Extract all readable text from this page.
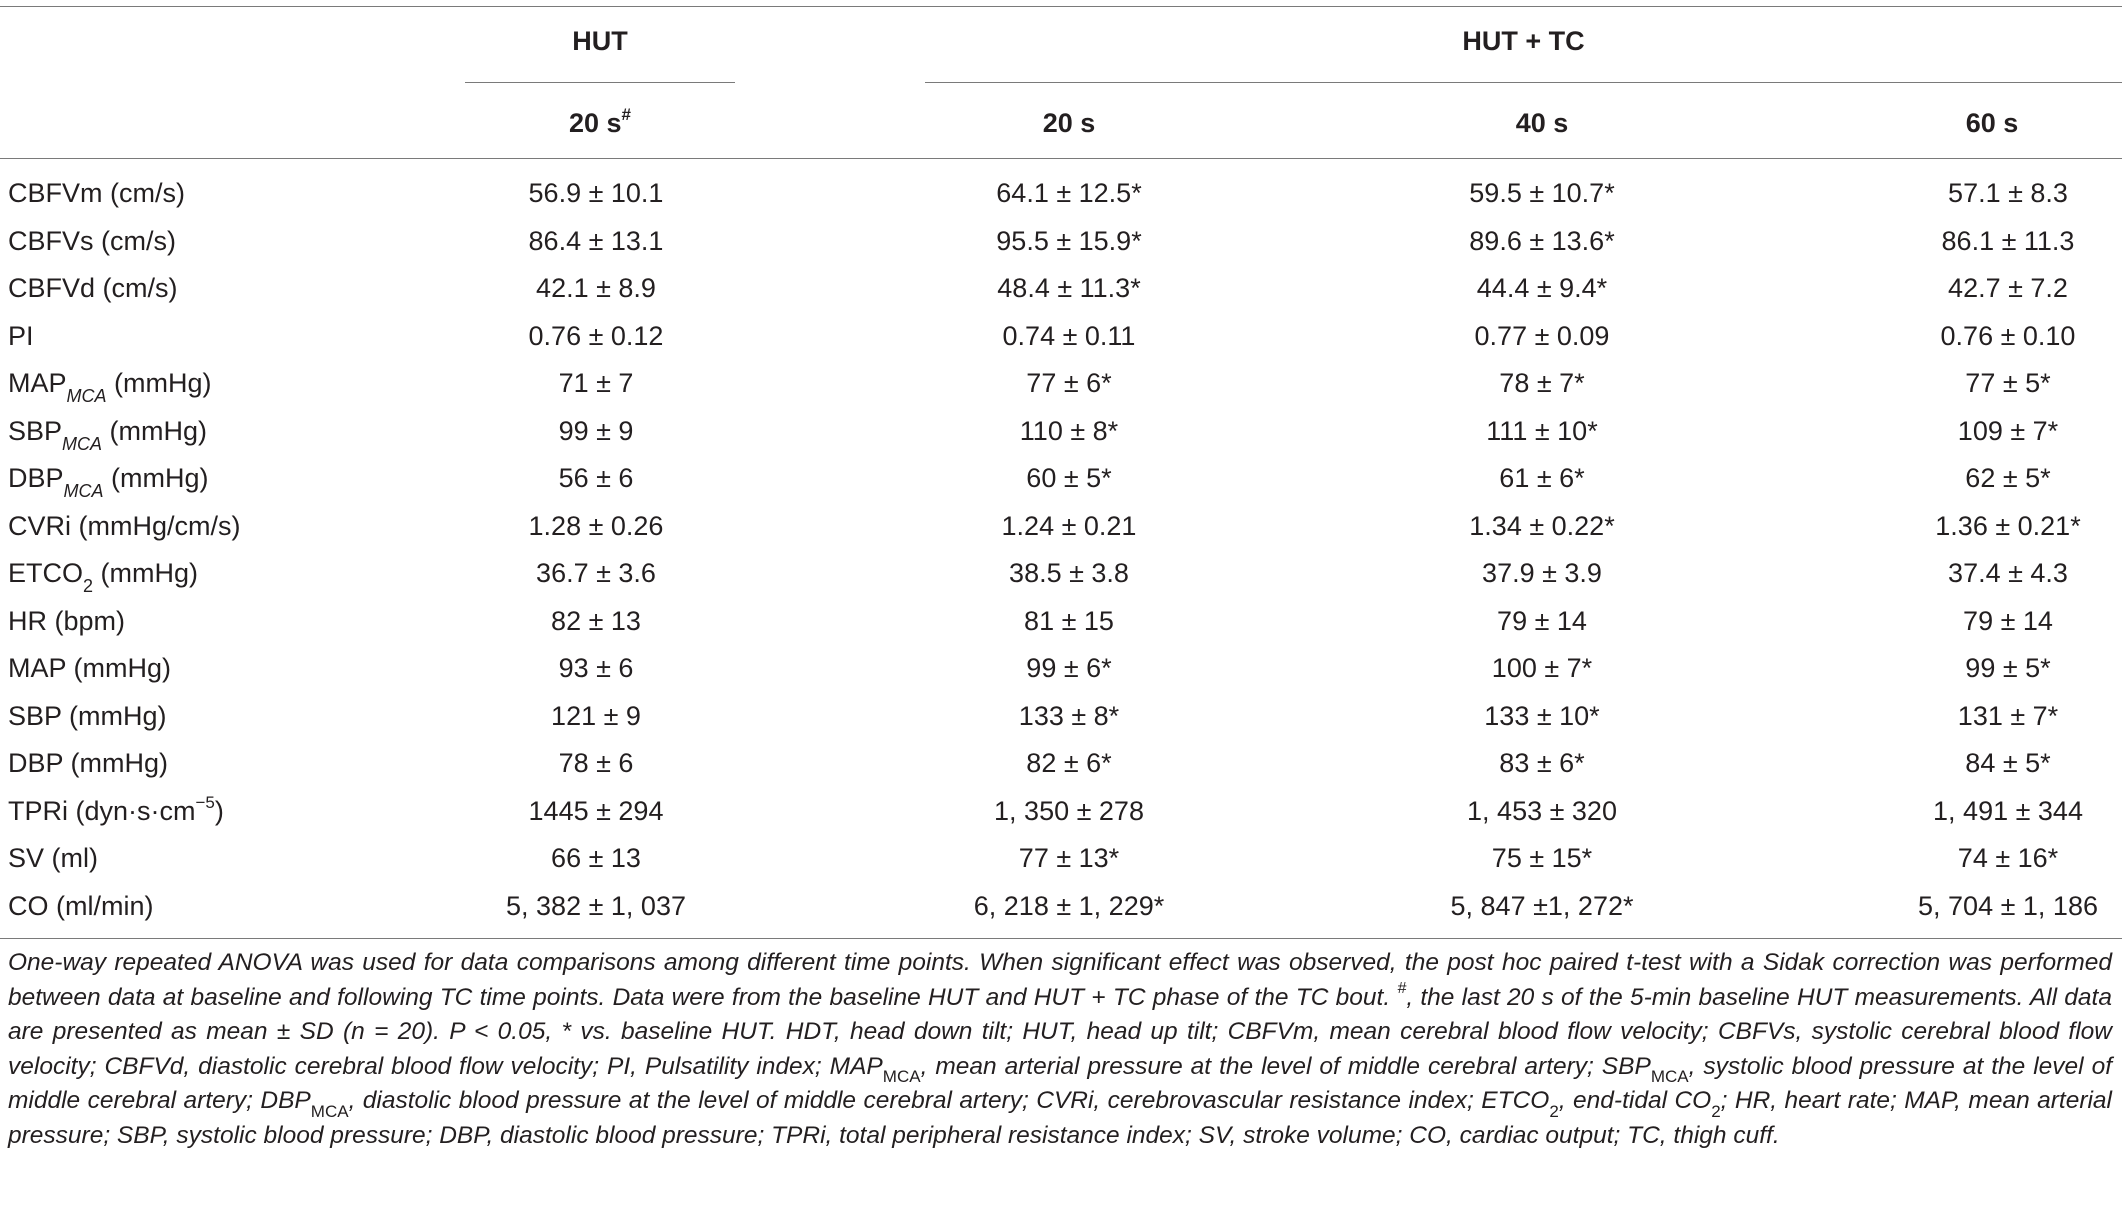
HUT	HUT + TC
20 s#	20 s	40 s	60 s
CBFVm (cm/s)	56.9 ± 10.1	64.1 ± 12.5*	59.5 ± 10.7*	57.1 ± 8.3
CBFVs (cm/s)	86.4 ± 13.1	95.5 ± 15.9*	89.6 ± 13.6*	86.1 ± 11.3
CBFVd (cm/s)	42.1 ± 8.9	48.4 ± 11.3*	44.4 ± 9.4*	42.7 ± 7.2
PI	0.76 ± 0.12	0.74 ± 0.11	0.77 ± 0.09	0.76 ± 0.10
$MAP_{MCA}$ (mmHg)	71 ± 7	77 ± 6*	78 ± 7*	77 ± 5*
$SBP_{MCA}$ (mmHg)	99 ± 9	110 ± 8*	111 ± 10*	109 ± 7*
$DBP_{MCA}$ (mmHg)	56 ± 6	60 ± 5*	61 ± 6*	62 ± 5*
CVRi (mmHg/cm/s)	1.28 ± 0.26	1.24 ± 0.21	1.34 ± 0.22*	1.36 ± 0.21*
$ETCO_2$ (mmHg)	36.7 ± 3.6	38.5 ± 3.8	37.9 ± 3.9	37.4 ± 4.3
HR (bpm)	82 ± 13	81 ± 15	79 ± 14	79 ± 14
MAP (mmHg)	93 ± 6	99 ± 6*	100 ± 7*	99 ± 5*
SBP (mmHg)	121 ± 9	133 ± 8*	133 ± 10*	131 ± 7*
DBP (mmHg)	78 ± 6	82 ± 6*	83 ± 6*	84 ± 5*
TPRi $(dyn\cdot s\cdot cm^{-5})$	1445 ± 294	1, 350 ± 278	1, 453 ± 320	1, 491 ± 344
SV (ml)	66 ± 13	77 ± 13*	75 ± 15*	74 ± 16*
CO (ml/min)	5, 382 ± 1, 037	6, 218 ± 1, 229*	5, 847 ±1, 272*	5, 704 ± 1, 186

One-way repeated ANOVA was used for data comparisons among different time points. When significant effect was observed, the post hoc paired t-test with a Sidak correction was performed between data at baseline and following TC time points. Data were from the baseline HUT and HUT + TC phase of the TC bout. #, the last 20 s of the 5-min baseline HUT measurements. All data are presented as mean ± SD (n = 20). P < 0.05, * vs. baseline HUT. HDT, head down tilt; HUT, head up tilt; CBFVm, mean cerebral blood flow velocity; CBFVs, systolic cerebral blood flow velocity; CBFVd, diastolic cerebral blood flow velocity; PI, Pulsatility index; $MAP_{MCA}$, mean arterial pressure at the level of middle cerebral artery; $SBP_{MCA}$, systolic blood pressure at the level of middle cerebral artery; $DBP_{MCA}$, diastolic blood pressure at the level of middle cerebral artery; CVRi, cerebrovascular resistance index; $ETCO_2$, end-tidal $CO_2$; HR, heart rate; MAP, mean arterial pressure; SBP, systolic blood pressure; DBP, diastolic blood pressure; TPRi, total peripheral resistance index; SV, stroke volume; CO, cardiac output; TC, thigh cuff.
